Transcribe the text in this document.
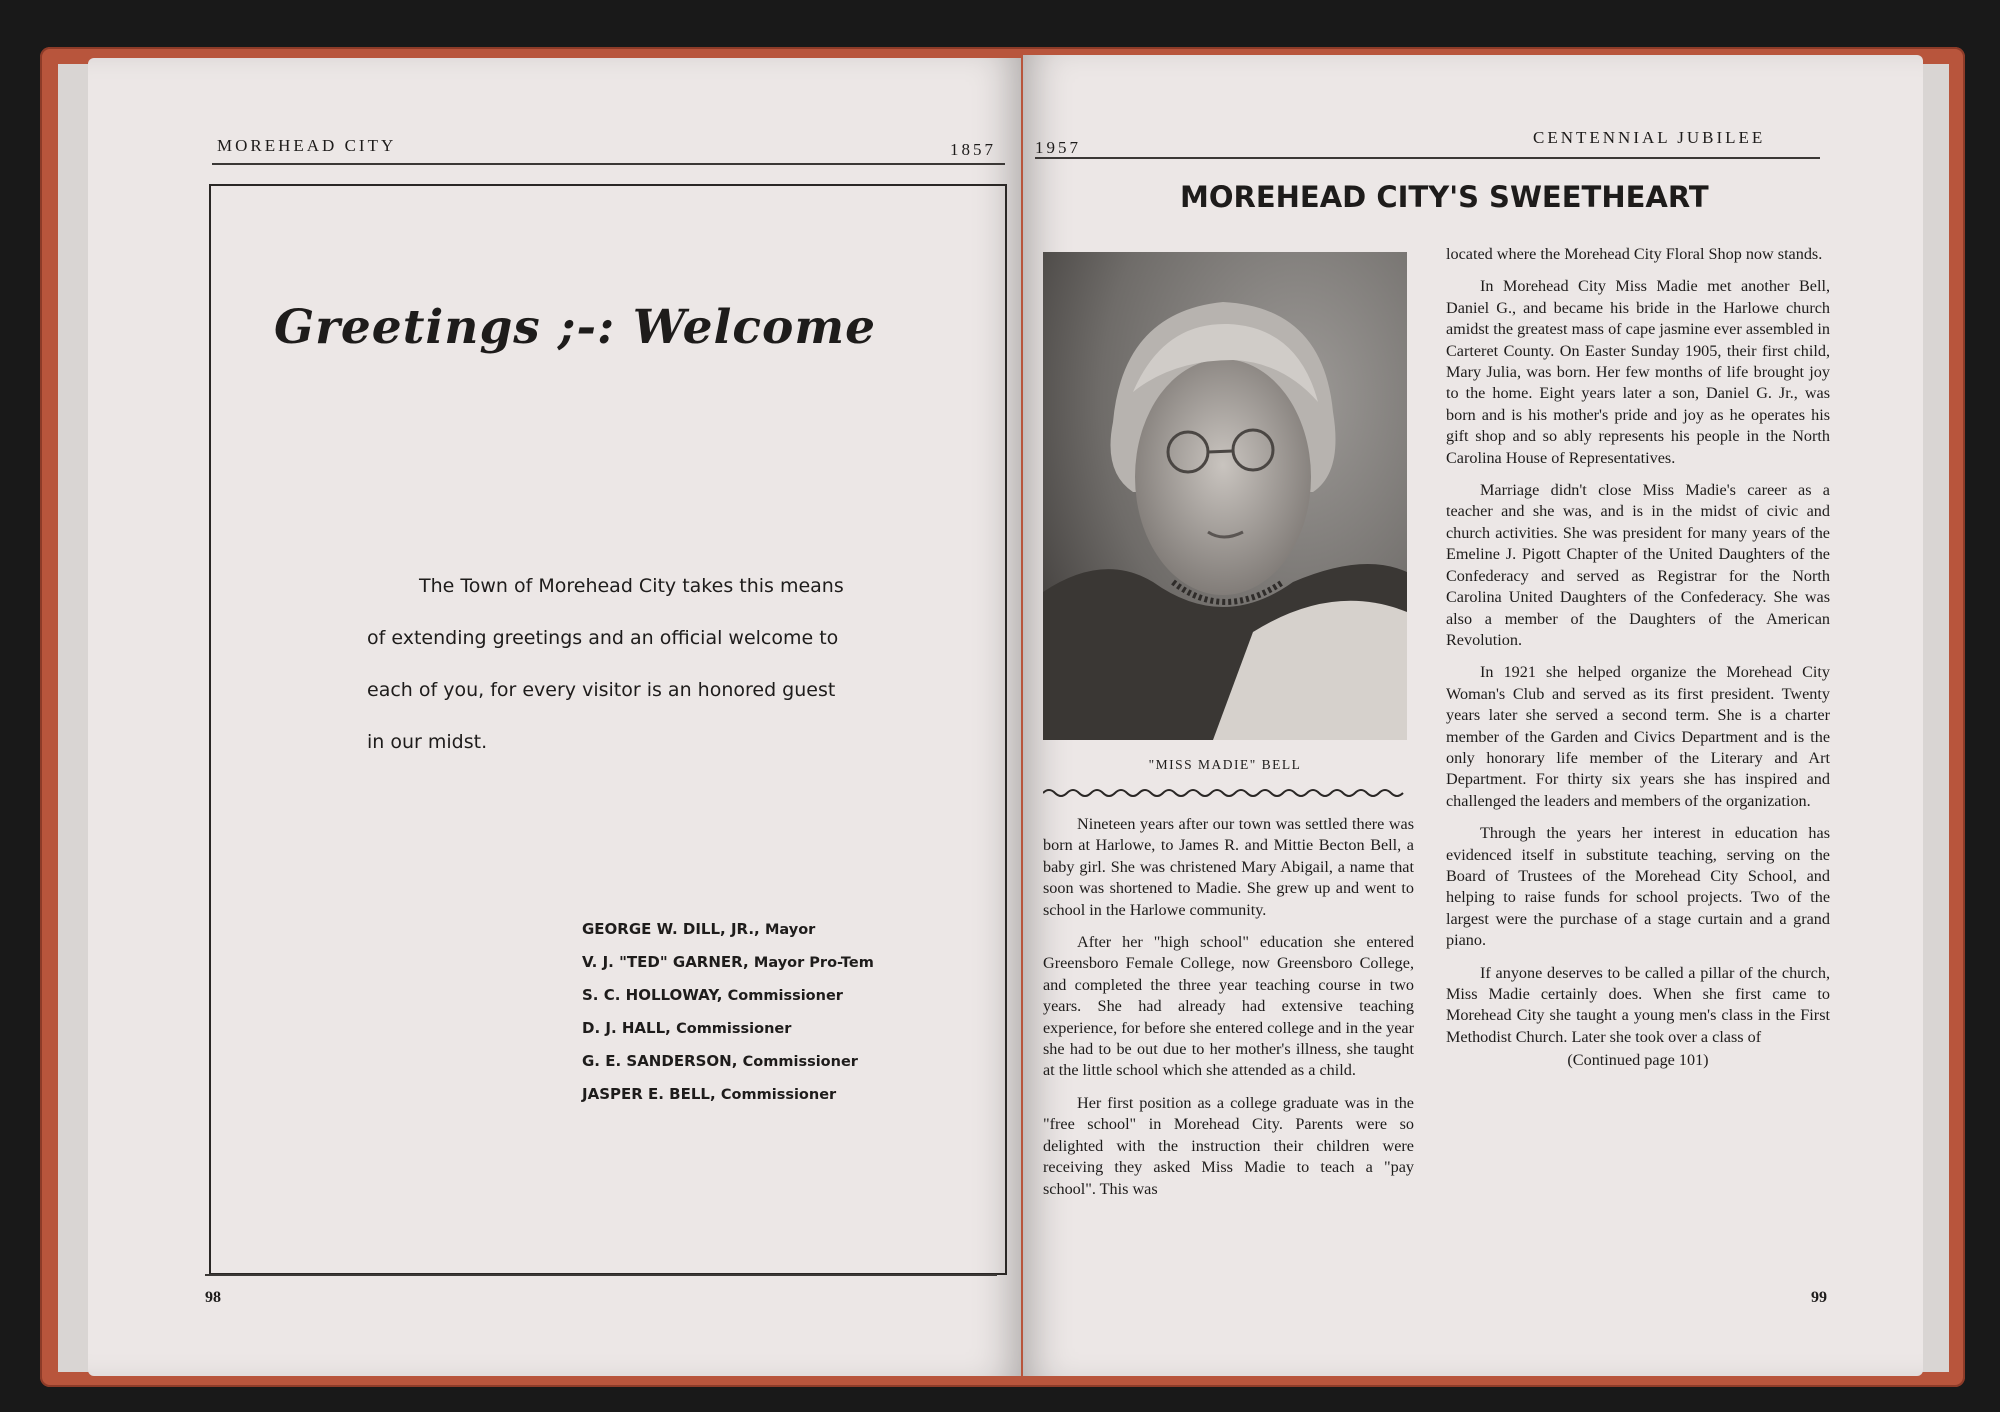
MOREHEAD CITY	1857
Greetings ;-: Welcome

The Town of Morehead City takes this means

of extending greetings and an official welcome to

each of you, for every visitor is an honored guest

in our midst.

GEORGE W. DILL, JR., Mayor
V. J. "TED" GARNER, Mayor Pro-Tem
S. C. HOLLOWAY, Commissioner
D. J. HALL, Commissioner
G. E. SANDERSON, Commissioner
JASPER E. BELL, Commissioner
98
1957
CENTENNIAL JUBILEE
MOREHEAD CITY'S SWEETHEART
"MISS MADIE" BELL

Nineteen years after our town was settled there was born at Harlowe, to James R. and Mittie Becton Bell, a baby girl. She was christened Mary Abigail, a name that soon was shortened to Madie. She grew up and went to school in the Harlowe community.

After her "high school" education she entered Greensboro Female College, now Greensboro College, and completed the three year teaching course in two years. She had already had extensive teaching experience, for before she entered college and in the year she had to be out due to her mother's illness, she taught at the little school which she attended as a child.

Her first position as a college graduate was in the "free school" in Morehead City. Parents were so delighted with the instruction their children were receiving they asked Miss Madie to teach a "pay school". This was

located where the Morehead City Floral Shop now stands.

In Morehead City Miss Madie met another Bell, Daniel G., and became his bride in the Harlowe church amidst the greatest mass of cape jasmine ever assembled in Carteret County. On Easter Sunday 1905, their first child, Mary Julia, was born. Her few months of life brought joy to the home. Eight years later a son, Daniel G. Jr., was born and is his mother's pride and joy as he operates his gift shop and so ably represents his people in the North Carolina House of Representatives.

Marriage didn't close Miss Madie's career as a teacher and she was, and is in the midst of civic and church activities. She was president for many years of the Emeline J. Pigott Chapter of the United Daughters of the Confederacy and served as Registrar for the North Carolina United Daughters of the Confederacy. She was also a member of the Daughters of the American Revolution.

In 1921 she helped organize the Morehead City Woman's Club and served as its first president. Twenty years later she served a second term. She is a charter member of the Garden and Civics Department and is the only honorary life member of the Literary and Art Department. For thirty six years she has inspired and challenged the leaders and members of the organization.

Through the years her interest in education has evidenced itself in substitute teaching, serving on the Board of Trustees of the Morehead City School, and helping to raise funds for school projects. Two of the largest were the purchase of a stage curtain and a grand piano.

If anyone deserves to be called a pillar of the church, Miss Madie certainly does. When she first came to Morehead City she taught a young men's class in the First Methodist Church. Later she took over a class of

(Continued page 101)
99
